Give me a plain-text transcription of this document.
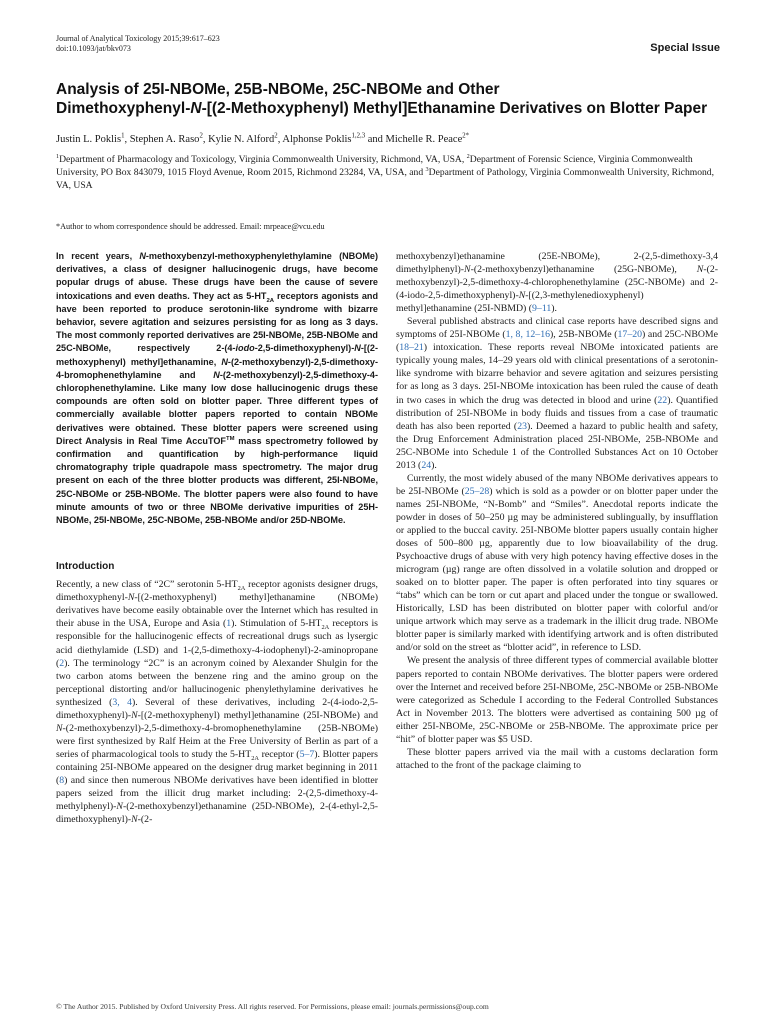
Journal of Analytical Toxicology 2015;39:617–623
doi:10.1093/jat/bkv073	Special Issue
Analysis of 25I-NBOMe, 25B-NBOMe, 25C-NBOMe and Other
Dimethoxyphenyl-N-[(2-Methoxyphenyl) Methyl]Ethanamine Derivatives on Blotter Paper
Justin L. Poklis$^1$, Stephen A. Raso$^2$, Kylie N. Alford$^2$, Alphonse Poklis$^{1,2,3}$ and Michelle R. Peace$^{2*}$
$^1$Department of Pharmacology and Toxicology, Virginia Commonwealth University, Richmond, VA, USA, $^2$Department of Forensic Science, Virginia Commonwealth University, PO Box 843079, 1015 Floyd Avenue, Room 2015, Richmond 23284, VA, USA, and $^3$Department of Pathology, Virginia Commonwealth University, Richmond, VA, USA
*Author to whom correspondence should be addressed. Email: mrpeace@vcu.edu
In recent years, N-methoxybenzyl-methoxyphenylethylamine (NBOMe) derivatives, a class of designer hallucinogenic drugs, have become popular drugs of abuse. These drugs have been the cause of severe intoxications and even deaths. They act as $5-HT_{2A}$ receptors agonists and have been reported to produce serotonin-like syndrome with bizarre behavior, severe agitation and seizures persisting for as long as 3 days. The most commonly reported derivatives are 25I-NBOMe, 25B-NBOMe and 25C-NBOMe, respectively 2-(4-iodo-2,5-dimethoxyphenyl)-N-[(2-methoxyphenyl) methyl]ethanamine, N-(2-methoxybenzyl)-2,5-dimethoxy-4-bromophenethylamine and N-(2-methoxybenzyl)-2,5-dimethoxy-4-chlorophenethylamine. Like many low dose hallucinogenic drugs these compounds are often sold on blotter paper. Three different types of commercially available blotter papers reported to contain NBOMe derivatives were obtained. These blotter papers were screened using Direct Analysis in Real Time AccuTOF™ mass spectrometry followed by confirmation and quantification by high-performance liquid chromatography triple quadrapole mass spectrometry. The major drug present on each of the three blotter products was different, 25I-NBOMe, 25C-NBOMe or 25B-NBOMe. The blotter papers were also found to have minute amounts of two or three NBOMe derivative impurities of 25H-NBOMe, 25I-NBOMe, 25C-NBOMe, 25B-NBOMe and/or 25D-NBOMe.
Introduction

Recently, a new class of “2C” serotonin $5-HT_{2A}$ receptor agonists designer drugs, dimethoxyphenyl-N-[(2-methoxyphenyl) methyl]ethanamine (NBOMe) derivatives have become easily obtainable over the Internet which has resulted in their abuse in the USA, Europe and Asia (1). Stimulation of $5-HT_{2A}$ receptors is responsible for the hallucinogenic effects of recreational drugs such as lysergic acid diethylamide (LSD) and 1-(2,5-dimethoxy-4-iodophenyl)-2-aminopropane (2). The terminology “2C” is an acronym coined by Alexander Shulgin for the two carbon atoms between the benzene ring and the amino group on the perceptional distorting and/or hallucinogenic phenylethylamine derivatives he synthesized (3, 4). Several of these derivatives, including 2-(4-iodo-2,5-dimethoxyphenyl)-N-[(2-methoxyphenyl) methyl]ethanamine (25I-NBOMe) and N-(2-methoxybenzyl)-2,5-dimethoxy-4-bromophenethylamine (25B-NBOMe) were first synthesized by Ralf Heim at the Free University of Berlin as part of a series of pharmacological tools to study the $5-HT_{2A}$ receptor (5–7). Blotter papers containing 25I-NBOMe appeared on the designer drug market beginning in 2011 (8) and since then numerous NBOMe derivatives have been identified in blotter papers seized from the illicit drug market including: 2-(2,5-dimethoxy-4-methylphenyl)-N-(2-methoxybenzyl)ethanamine (25D-NBOMe), 2-(4-ethyl-2,5-dimethoxyphenyl)-N-(2-

methoxybenzyl)ethanamine (25E-NBOMe), 2-(2,5-dimethoxy-3,4 dimethylphenyl)-N-(2-methoxybenzyl)ethanamine (25G-NBOMe), N-(2-methoxybenzyl)-2,5-dimethoxy-4-chlorophenethylamine (25C-NBOMe) and 2-(4-iodo-2,5-dimethoxyphenyl)-N-[(2,3-methylenedioxyphenyl) methyl]ethanamine (25I-NBMD) (9–11).

Several published abstracts and clinical case reports have described signs and symptoms of 25I-NBOMe (1, 8, 12–16), 25B-NBOMe (17–20) and 25C-NBOMe (18–21) intoxication. These reports reveal NBOMe intoxicated patients are typically young males, 14–29 years old with clinical presentations of a serotonin-like syndrome with bizarre behavior and severe agitation and seizures persisting for as long as 3 days. 25I-NBOMe intoxication has been ruled the cause of death in two cases in which the drug was detected in blood and urine (22). Quantified distribution of 25I-NBOMe in body fluids and tissues from a case of traumatic death has also been reported (23). Deemed a hazard to public health and safety, the Drug Enforcement Administration placed 25I-NBOMe, 25B-NBOMe and 25C-NBOMe into Schedule 1 of the Controlled Substances Act on 10 October 2013 (24).

Currently, the most widely abused of the many NBOMe derivatives appears to be 25I-NBOMe (25–28) which is sold as a powder or on blotter paper under the names 25I-NBOMe, “N-Bomb” and “Smiles”. Anecdotal reports indicate the powder in doses of 50–250 µg may be administered sublingually, by insufflation or applied to the buccal cavity. 25I-NBOMe blotter papers usually contain higher doses of 500–800 µg, apparently due to low bioavailability of the drug. Psychoactive drugs of abuse with very high potency having effective doses in the microgram (µg) range are often dissolved in a volatile solution and dropped or soaked on to blotter paper. The paper is often perforated into tiny squares or “tabs” which can be torn or cut apart and placed under the tongue or swallowed. Historically, LSD has been distributed on blotter paper with colorful and/or unique artwork which may serve as a trademark in the illicit drug trade. NBOMe blotter paper is similarly marked with identifying artwork and is often distributed and/or sold on the street as “blotter acid”, in reference to LSD.

We present the analysis of three different types of commercial available blotter papers reported to contain NBOMe derivatives. The blotter papers were ordered over the Internet and received before 25I-NBOMe, 25C-NBOMe or 25B-NBOMe were categorized as Schedule I according to the Federal Controlled Substances Act in November 2013. The blotters were advertised as containing 500 µg of either 25I-NBOMe, 25C-NBOMe or 25B-NBOMe. The approximate price per “hit” of blotter paper was $5 USD.

These blotter papers arrived via the mail with a customs declaration form attached to the front of the package claiming to

© The Author 2015. Published by Oxford University Press. All rights reserved. For Permissions, please email: journals.permissions@oup.com
